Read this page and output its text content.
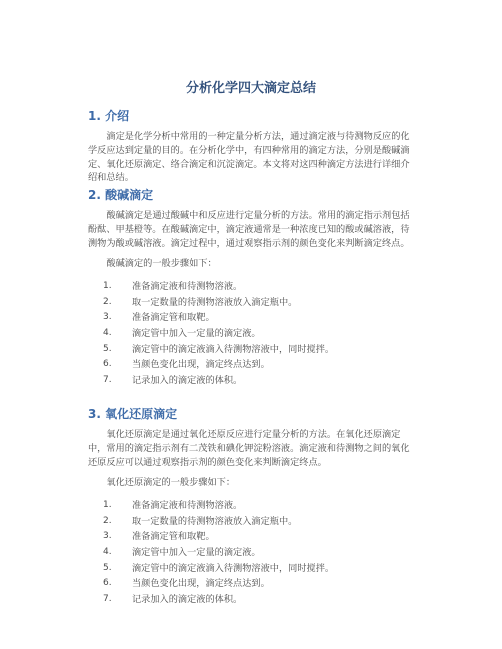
分析化学四大滴定总结
1. 介绍

滴定是化学分析中常用的一种定量分析方法，通过滴定液与待测物反应的化学反应达到定量的目的。在分析化学中，有四种常用的滴定方法，分别是酸碱滴定、氧化还原滴定、络合滴定和沉淀滴定。本文将对这四种滴定方法进行详细介绍和总结。

2. 酸碱滴定

酸碱滴定是通过酸碱中和反应进行定量分析的方法。常用的滴定指示剂包括酚酞、甲基橙等。在酸碱滴定中，滴定液通常是一种浓度已知的酸或碱溶液，待测物为酸或碱溶液。滴定过程中，通过观察指示剂的颜色变化来判断滴定终点。

酸碱滴定的一般步骤如下：

1. 准备滴定液和待测物溶液。
2. 取一定数量的待测物溶液放入滴定瓶中。
3. 准备滴定管和取靶。
4. 滴定管中加入一定量的滴定液。
5. 滴定管中的滴定液滴入待测物溶液中，同时搅拌。
6. 当颜色变化出现，滴定终点达到。
7. 记录加入的滴定液的体积。
3. 氧化还原滴定

氧化还原滴定是通过氧化还原反应进行定量分析的方法。在氧化还原滴定中，常用的滴定指示剂有二茂铁和碘化钾淀粉溶液。滴定液和待测物之间的氧化还原反应可以通过观察指示剂的颜色变化来判断滴定终点。

氧化还原滴定的一般步骤如下：

1. 准备滴定液和待测物溶液。
2. 取一定数量的待测物溶液放入滴定瓶中。
3. 准备滴定管和取靶。
4. 滴定管中加入一定量的滴定液。
5. 滴定管中的滴定液滴入待测物溶液中，同时搅拌。
6. 当颜色变化出现，滴定终点达到。
7. 记录加入的滴定液的体积。
